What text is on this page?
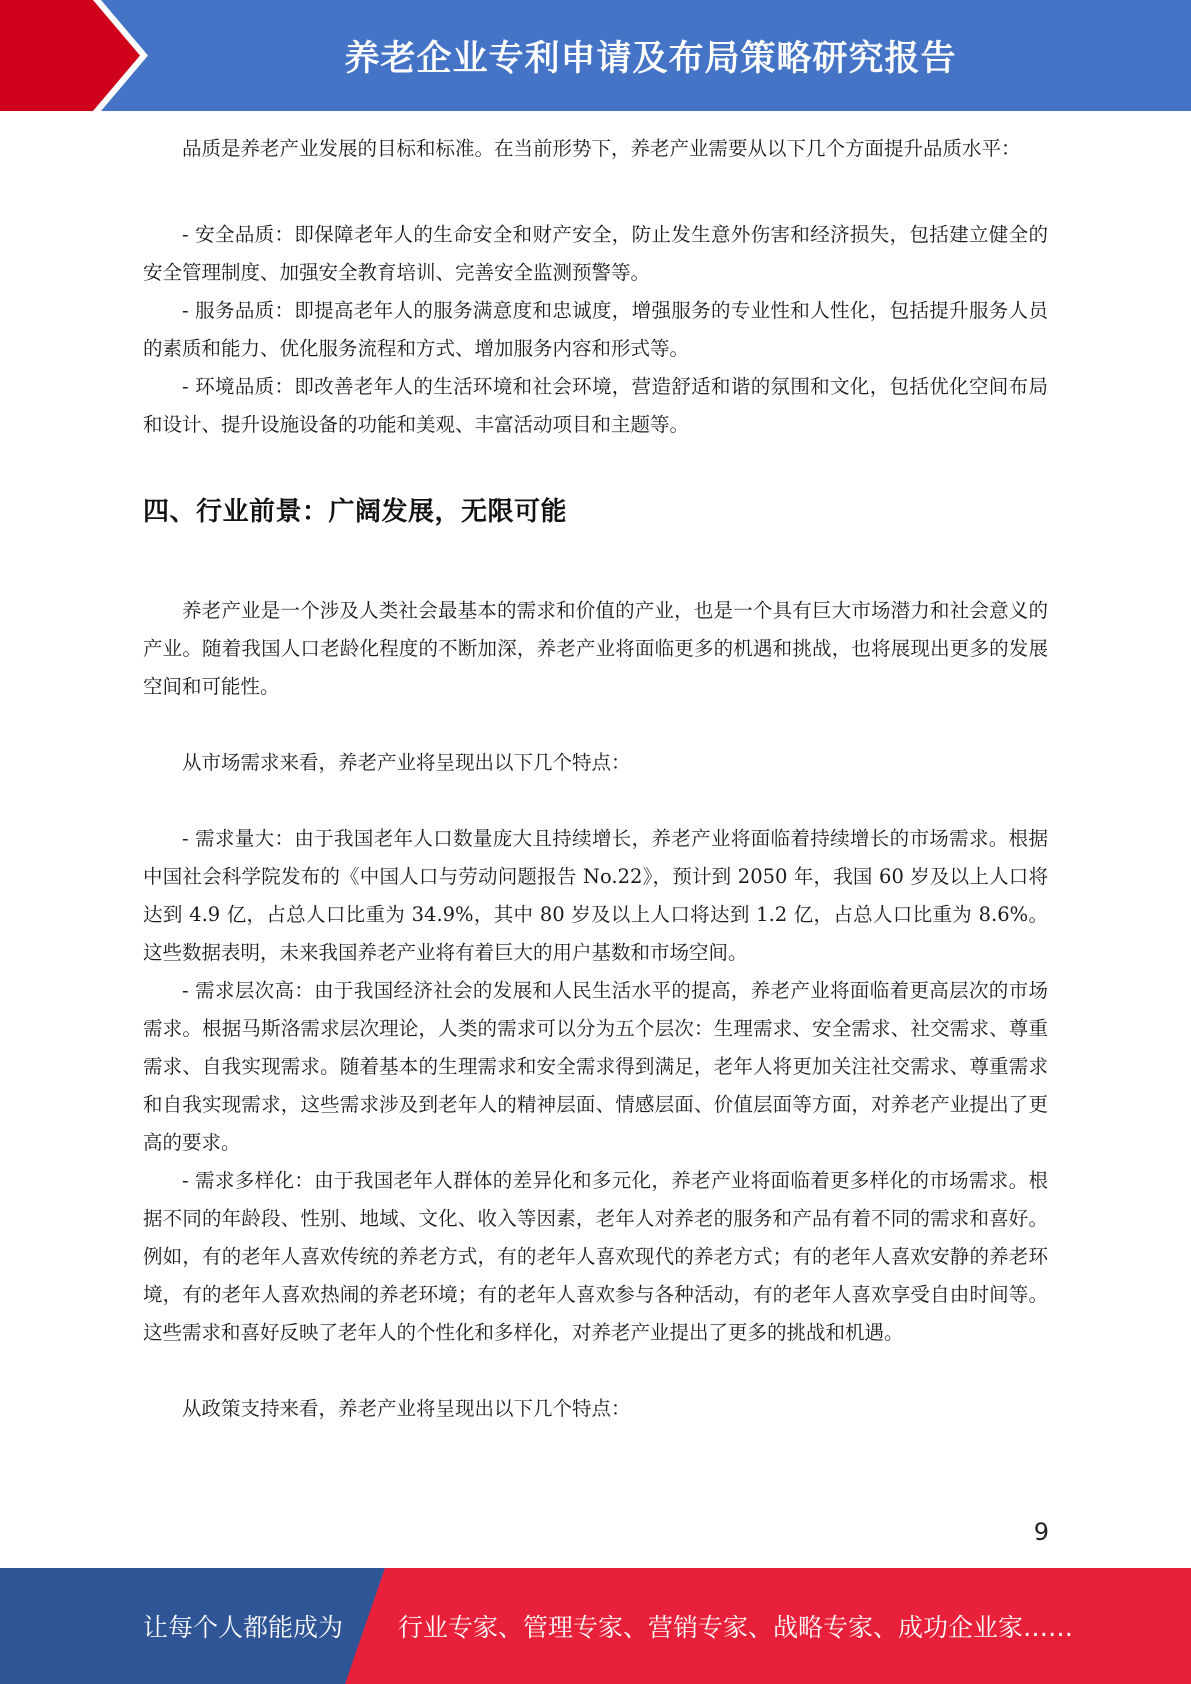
养老企业专利申请及布局策略研究报告

品质是养老产业发展的目标和标准。在当前形势下，养老产业需要从以下几个方面提升品质水平：

- 安全品质：即保障老年人的生命安全和财产安全，防止发生意外伤害和经济损失，包括建立健全的安全管理制度、加强安全教育培训、完善安全监测预警等。

- 服务品质：即提高老年人的服务满意度和忠诚度，增强服务的专业性和人性化，包括提升服务人员的素质和能力、优化服务流程和方式、增加服务内容和形式等。

- 环境品质：即改善老年人的生活环境和社会环境，营造舒适和谐的氛围和文化，包括优化空间布局和设计、提升设施设备的功能和美观、丰富活动项目和主题等。

四、行业前景：广阔发展，无限可能

养老产业是一个涉及人类社会最基本的需求和价值的产业，也是一个具有巨大市场潜力和社会意义的产业。随着我国人口老龄化程度的不断加深，养老产业将面临更多的机遇和挑战，也将展现出更多的发展空间和可能性。

从市场需求来看，养老产业将呈现出以下几个特点：

- 需求量大：由于我国老年人口数量庞大且持续增长，养老产业将面临着持续增长的市场需求。根据中国社会科学院发布的《中国人口与劳动问题报告 No.22》，预计到 2050 年，我国 60 岁及以上人口将达到 4.9 亿，占总人口比重为 34.9%，其中 80 岁及以上人口将达到 1.2 亿，占总人口比重为 8.6%。这些数据表明，未来我国养老产业将有着巨大的用户基数和市场空间。

- 需求层次高：由于我国经济社会的发展和人民生活水平的提高，养老产业将面临着更高层次的市场需求。根据马斯洛需求层次理论，人类的需求可以分为五个层次：生理需求、安全需求、社交需求、尊重需求、自我实现需求。随着基本的生理需求和安全需求得到满足，老年人将更加关注社交需求、尊重需求和自我实现需求，这些需求涉及到老年人的精神层面、情感层面、价值层面等方面，对养老产业提出了更高的要求。

- 需求多样化：由于我国老年人群体的差异化和多元化，养老产业将面临着更多样化的市场需求。根据不同的年龄段、性别、地域、文化、收入等因素，老年人对养老的服务和产品有着不同的需求和喜好。例如，有的老年人喜欢传统的养老方式，有的老年人喜欢现代的养老方式；有的老年人喜欢安静的养老环境，有的老年人喜欢热闹的养老环境；有的老年人喜欢参与各种活动，有的老年人喜欢享受自由时间等。这些需求和喜好反映了老年人的个性化和多样化，对养老产业提出了更多的挑战和机遇。

从政策支持来看，养老产业将呈现出以下几个特点：

9
让每个人都能成为 行业专家、管理专家、营销专家、战略专家、成功企业家……
